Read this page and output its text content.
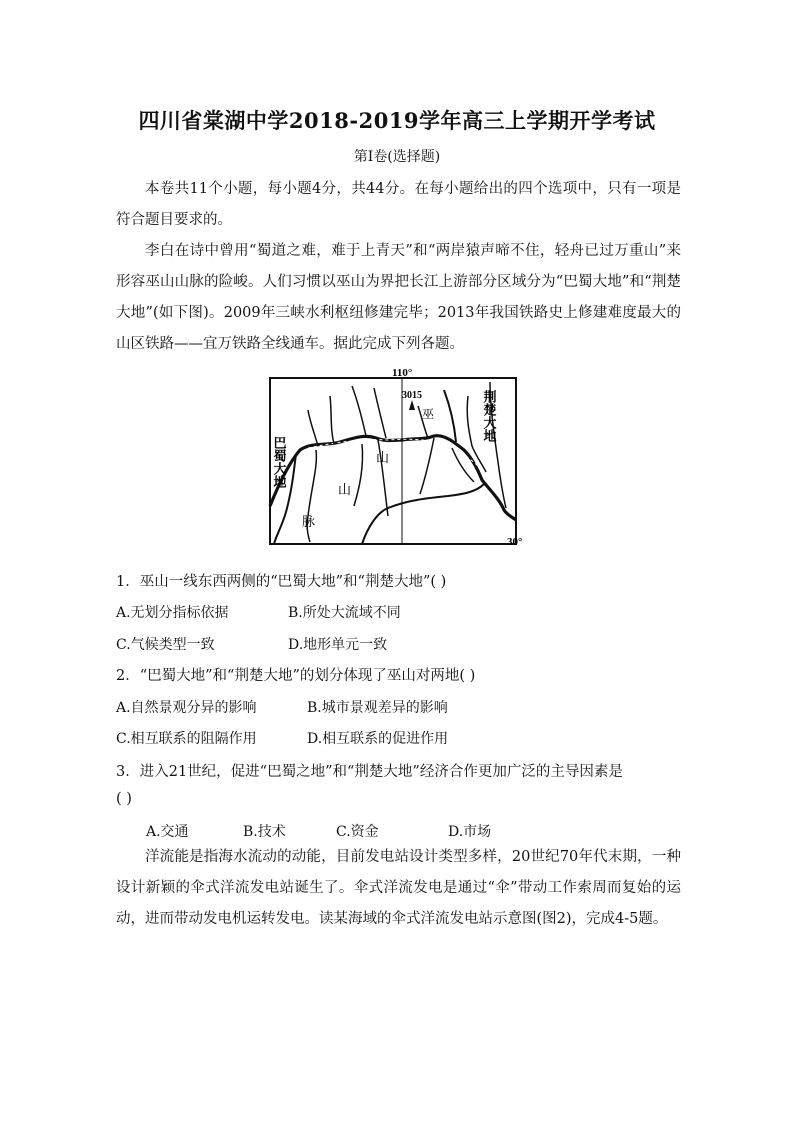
四川省棠湖中学2018-2019学年高三上学期开学考试
第Ⅰ卷(选择题)

本卷共11个小题，每小题4分，共44分。在每小题给出的四个选项中，只有一项是符合题目要求的。

李白在诗中曾用“蜀道之难，难于上青天”和“两岸猿声啼不住，轻舟已过万重山”来形容巫山山脉的险峻。人们习惯以巫山为界把长江上游部分区域分为“巴蜀大地”和“荆楚大地”(如下图)。2009年三峡水利枢纽修建完毕；2013年我国铁路史上修建难度最大的山区铁路——宜万铁路全线通车。据此完成下列各题。

110°
3015
巫
山
山
脉
30°
巴蜀大地
荆楚大地
1．巫山一线东西两侧的“巴蜀大地”和“荆楚大地”( )
A.无划分指标依据	B.所处大流域不同
C.气候类型一致	D.地形单元一致
2．“巴蜀大地”和“荆楚大地”的划分体现了巫山对两地( )
A.自然景观分异的影响	B.城市景观差异的影响
C.相互联系的阻隔作用	D.相互联系的促进作用
3．进入21世纪，促进“巴蜀之地”和“荆楚大地”经济合作更加广泛的主导因素是
( )
A.交通	B.技术	C.资金	D.市场

洋流能是指海水流动的动能，目前发电站设计类型多样，20世纪70年代末期，一种设计新颖的伞式洋流发电站诞生了。伞式洋流发电是通过“伞”带动工作索周而复始的运动，进而带动发电机运转发电。读某海域的伞式洋流发电站示意图(图2)，完成4-5题。
